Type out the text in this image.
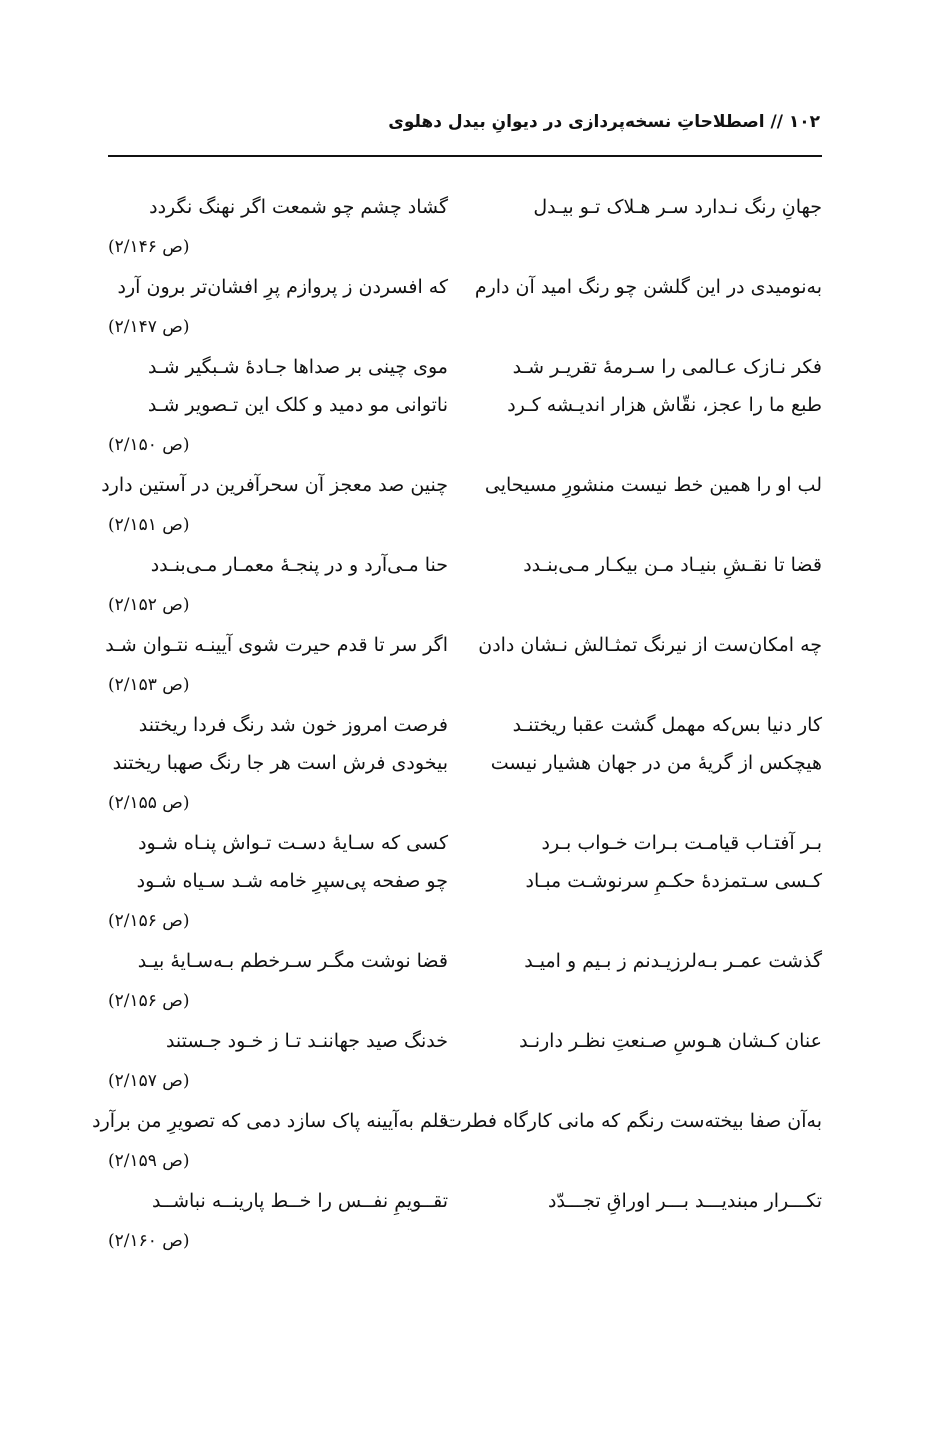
۱۰۲ // اصطلاحاتِ نسخه‌پردازی در دیوانِ بیدل دهلوی
جهانِ رنگ نـدارد سـر هـلاک تـو بیـدل
گشاد چشم چو شمعت اگر نهنگ نگردد
(ص ۲/۱۴۶)
به‌نومیدی در این گلشن چو رنگ امید آن دارم
که افسردن ز پروازم پرِ افشان‌تر برون آرد
(ص ۲/۱۴۷)
فکر نـازک عـالمی را سـرمهٔ تقریـر شـد
موی چینی بر صداها جـادهٔ شـبگیر شـد
طبع ما را عجز، نقّاش هزار اندیـشه کـرد
ناتوانی مو دمید و کلک این تـصویر شـد
(ص ۲/۱۵۰)
لب او را همین خط نیست منشورِ مسیحایی
چنین صد معجز آن سحرآفرین در آستین دارد
(ص ۲/۱۵۱)
قضا تا نقـشِ بنیـاد مـن بیکـار مـی‌بنـدد
حنا مـی‌آرد و در پنجـهٔ معمـار مـی‌بنـدد
(ص ۲/۱۵۲)
چه امکان‌ست از نیرنگ تمثـالش نـشان دادن
اگر سر تا قدم حیرت شوی آیینـه نتـوان شـد
(ص ۲/۱۵۳)
کار دنیا بس‌که مهمل گشت عقبا ریختنـد
فرصت امروز خون شد رنگ فردا ریختند
هیچکس از گریهٔ من در جهان هشیار نیست
بیخودی فرش است هر جا رنگ صهبا ریختند
(ص ۲/۱۵۵)
بـر آفتـاب قیامـت بـرات خـواب بـرد
کسی که سـایهٔ دسـت تـواش پنـاه شـود
کـسی سـتمزدهٔ حکـمِ سرنوشـت مبـاد
چو صفحه پی‌سپرِ خامه شـد سـیاه شـود
(ص ۲/۱۵۶)
گذشت عمـر بـه‌لرزیـدنم ز بـیم و امیـد
قضا نوشت مگـر سـرخطم بـه‌سـایهٔ بیـد
(ص ۲/۱۵۶)
عنان کـشان هـوسِ صـنعتِ نظـر دارنـد
خدنگ صید جهاننـد تـا ز خـود جـستند
(ص ۲/۱۵۷)
به‌آن صفا بیخته‌ست رنگم که مانی کارگاه فطرت
قلم به‌آیینه پاک سازد دمی که تصویرِ من برآرد
(ص ۲/۱۵۹)
تکـــرار مبندیـــد بـــر اوراقِ تجـــدّد
تقــویمِ نفــس را خــط پارینــه نباشــد
(ص ۲/۱۶۰)
